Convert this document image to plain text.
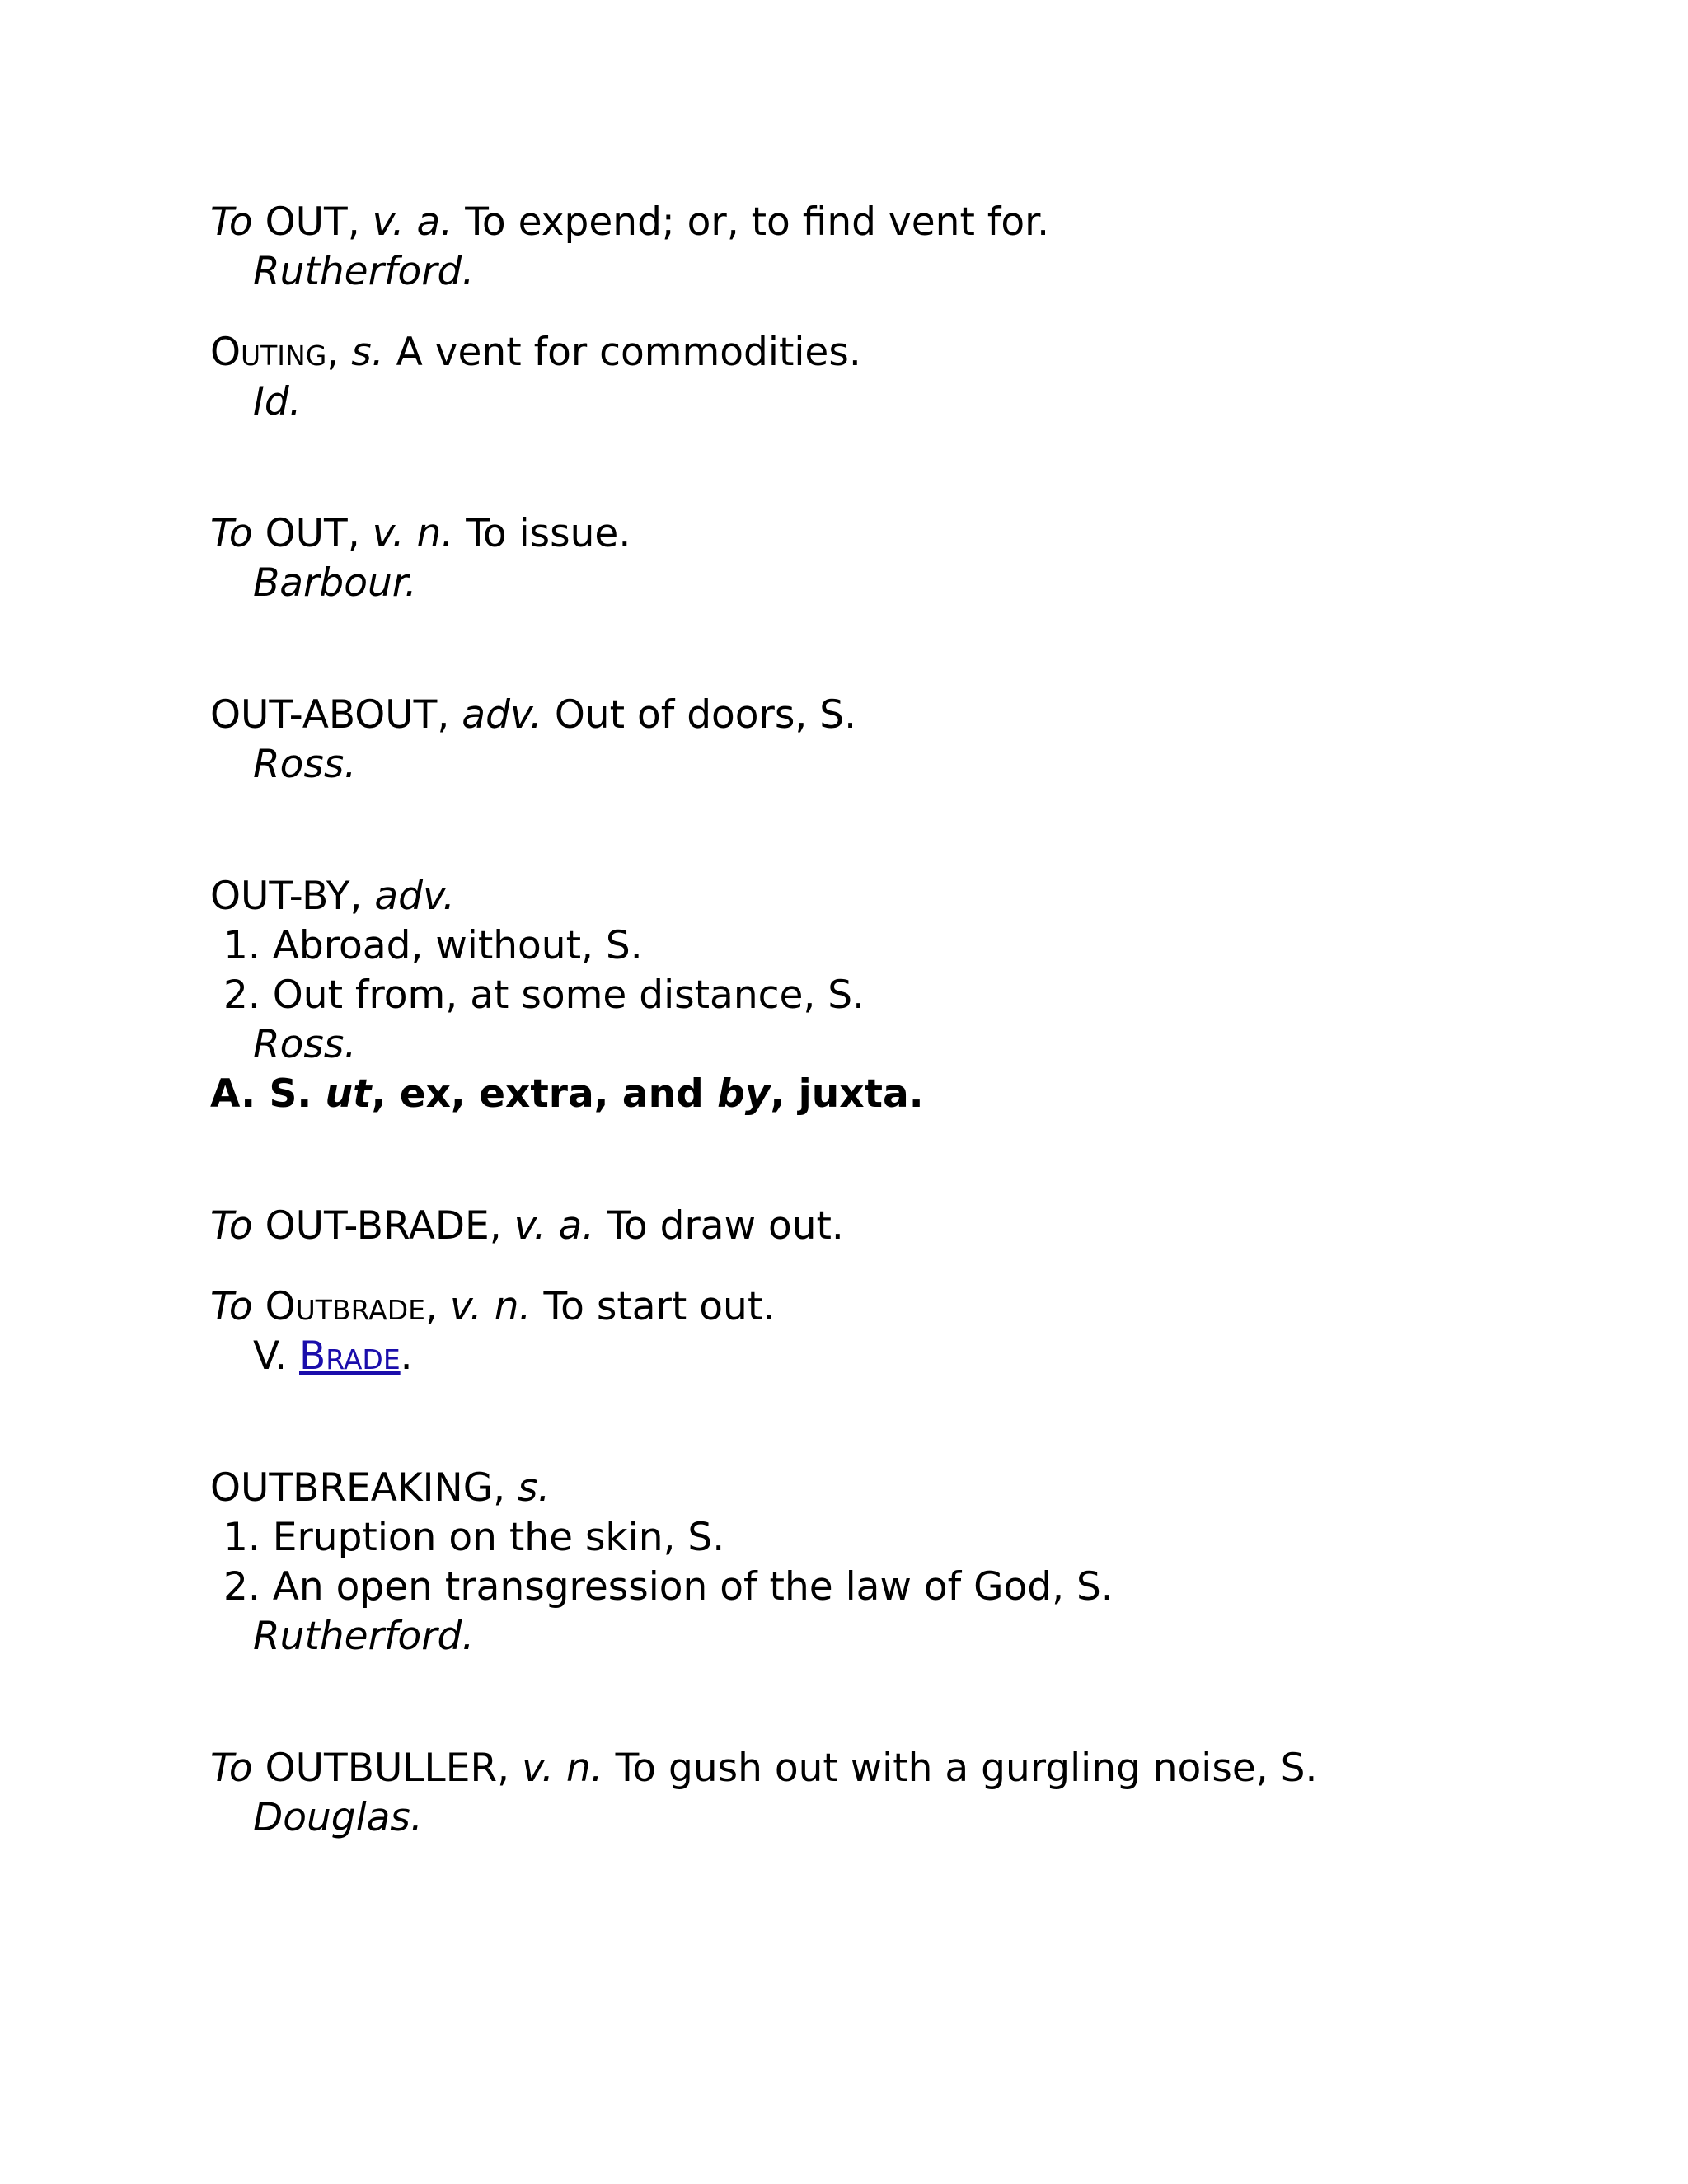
To OUT, v. a. To expend; or, to find vent for.
Rutherford.
Outing, s. A vent for commodities.
Id.
To OUT, v. n. To issue.
Barbour.
OUT-ABOUT, adv. Out of doors, S.
Ross.
OUT-BY, adv.
1. Abroad, without, S.
2. Out from, at some distance, S.
Ross.
A. S. ut, ex, extra, and by, juxta.
To OUT-BRADE, v. a. To draw out.
To Outbrade, v. n. To start out.
V. Brade.
OUTBREAKING, s.
1. Eruption on the skin, S.
2. An open transgression of the law of God, S.
Rutherford.
To OUTBULLER, v. n. To gush out with a gurgling noise, S.
Douglas.
